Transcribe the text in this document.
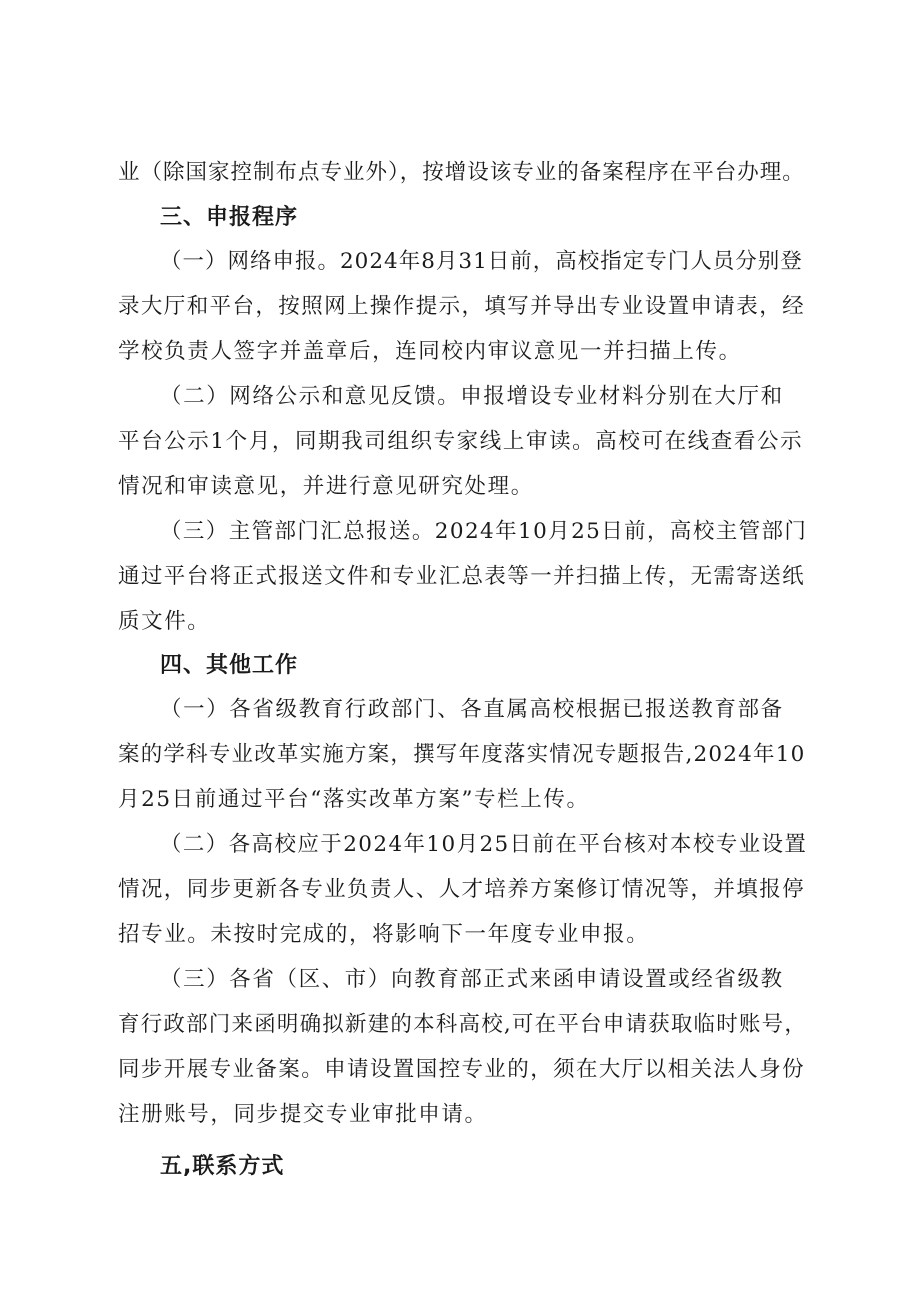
业（除国家控制布点专业外），按增设该专业的备案程序在平台办理。
三、申报程序
（一）网络申报。2024年8月31日前，高校指定专门人员分别登
录大厅和平台，按照网上操作提示，填写并导出专业设置申请表，经
学校负责人签字并盖章后，连同校内审议意见一并扫描上传。
（二）网络公示和意见反馈。申报增设专业材料分别在大厅和
平台公示1个月，同期我司组织专家线上审读。高校可在线查看公示
情况和审读意见，并进行意见研究处理。
（三）主管部门汇总报送。2024年10月25日前，高校主管部门
通过平台将正式报送文件和专业汇总表等一并扫描上传，无需寄送纸
质文件。
四、其他工作
（一）各省级教育行政部门、各直属高校根据已报送教育部备
案的学科专业改革实施方案，撰写年度落实情况专题报告,2024年10
月25日前通过平台“落实改革方案”专栏上传。
（二）各高校应于2024年10月25日前在平台核对本校专业设置
情况，同步更新各专业负责人、人才培养方案修订情况等，并填报停
招专业。未按时完成的，将影响下一年度专业申报。
（三）各省（区、市）向教育部正式来函申请设置或经省级教
育行政部门来函明确拟新建的本科高校,可在平台申请获取临时账号，
同步开展专业备案。申请设置国控专业的，须在大厅以相关法人身份
注册账号，同步提交专业审批申请。
五,联系方式
